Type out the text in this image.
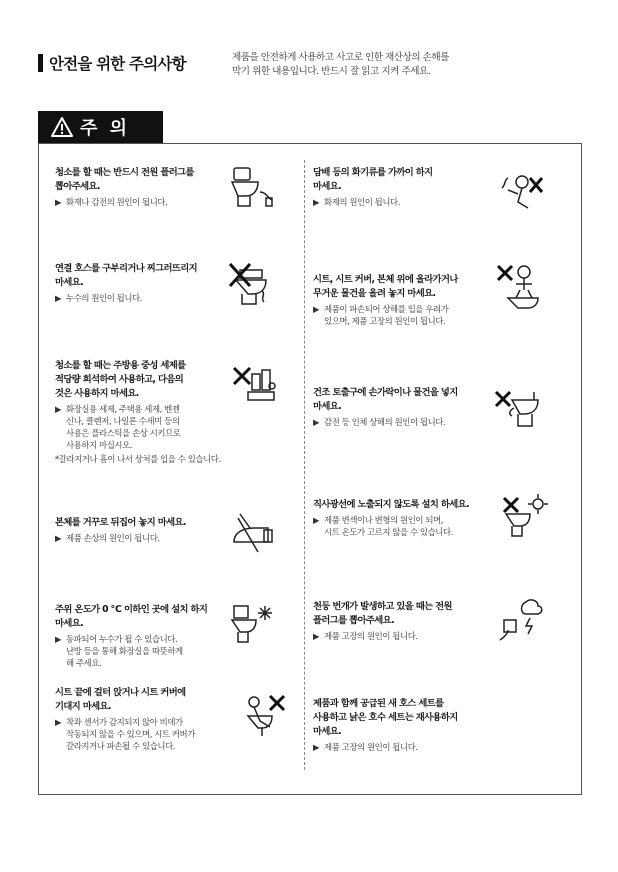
안전을 위한 주의사항	제품을 안전하게 사용하고 사고로 인한 재산상의 손해를
막기 위한 내용입니다. 반드시 잘 읽고 지켜 주세요.
주 의
청소를 할 때는 반드시 전원 플러그를
뽑아주세요.
▶ 화재나 감전의 원인이 됩니다.
연결 호스를 구부리거나 찌그러뜨리지
마세요.
▶ 누수의 원인이 됩니다.
청소를 할 때는 주방용 중성 세제를
적당량 희석하여 사용하고, 다음의
것은 사용하지 마세요.
▶ 화장실용 세제, 주택용 세제, 벤젠
신나, 클렌저, 나일론 수세미 등의
사용은 플라스틱을 손상 시키므로
사용하지 마십시오.
*갈라지거나 흠이 나서 상처를 입을 수 있습니다.
본체를 거꾸로 뒤집어 놓지 마세요.
▶ 제품 손상의 원인이 됩니다.
주위 온도가 0 ℃ 이하인 곳에 설치 하지
마세요.
▶ 동파되어 누수가 될 수 있습니다.
난방 등을 통해 화장실을 따뜻하게
해 주세요.
시트 끝에 걸터 앉거나 시트 커버에
기대지 마세요.
▶ 착좌 센서가 감지되지 않아 비데가
작동되지 않을 수 있으며, 시트 커버가
갈라지거나 파손될 수 있습니다.
담배 등의 화기류를 가까이 하지
마세요.
▶ 화재의 원인이 됩니다.
시트, 시트 커버, 본체 위에 올라가거나
무거운 물건을 올려 놓지 마세요.
▶ 제품이 파손되어 상해를 입을 우려가
있으며, 제품 고장의 원인이 됩니다.
건조 토출구에 손가락이나 물건을 넣지
마세요.
▶ 감전 등 인체 상해의 원인이 됩니다.
직사광선에 노출되지 않도록 설치 하세요.
▶ 제품 변색이나 변형의 원인이 되며,
시트 온도가 고르지 않을 수 있습니다.
천둥 번개가 발생하고 있을 때는 전원
플러그를 뽑아주세요.
▶ 제품 고장의 원인이 됩니다.
제품과 함께 공급된 새 호스 세트를
사용하고 낡은 호수 세트는 재사용하지
마세요.
▶ 제품 고장의 원인이 됩니다.
